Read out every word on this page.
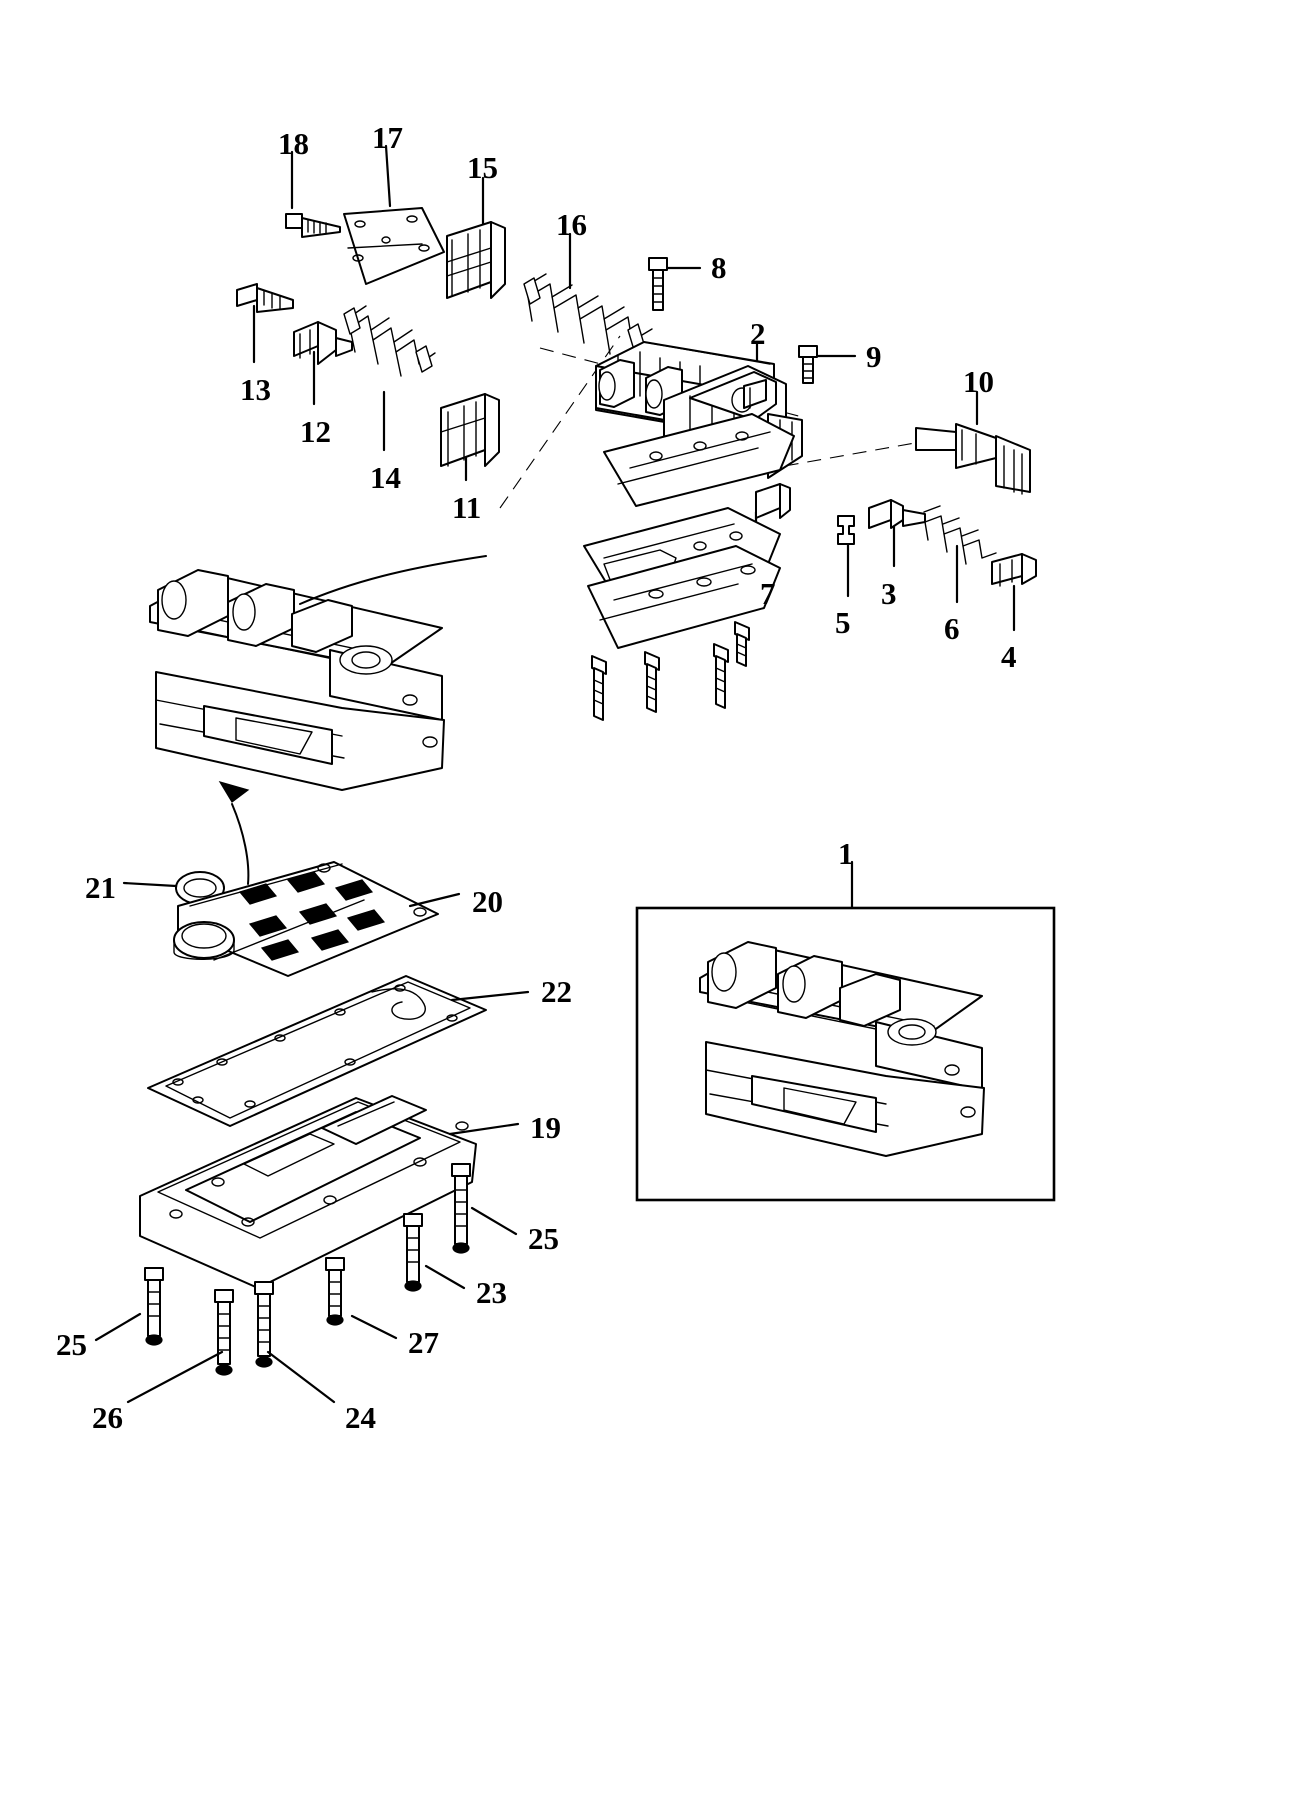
18 17
15
16
8
2
9
10
13
12
14
11
7
5
3
6
4
1
21	20
22
19
25
23
27
25
26	24
